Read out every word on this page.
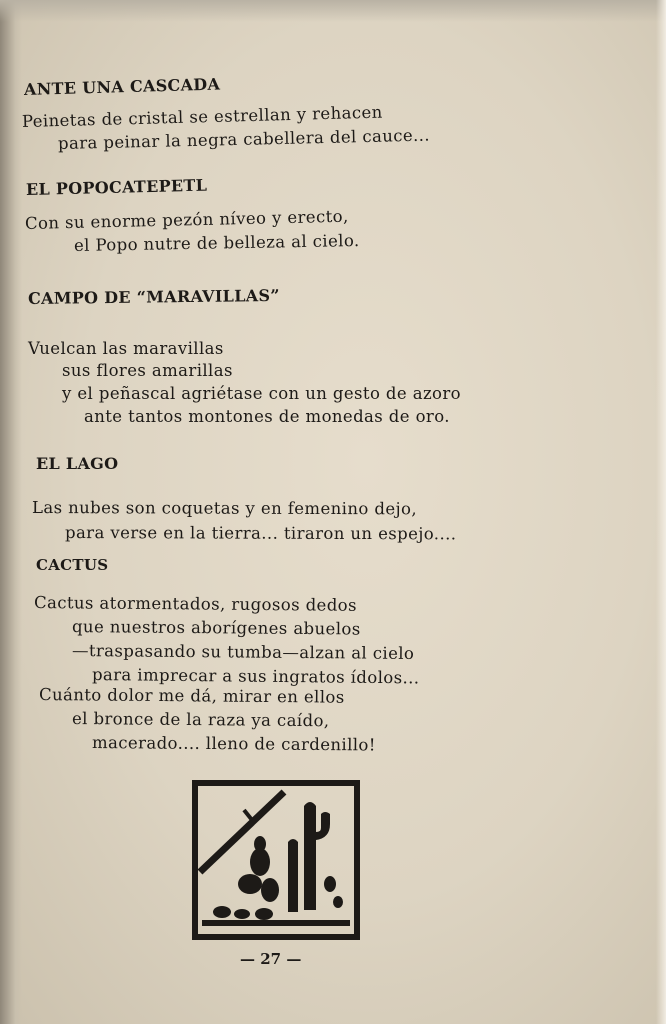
ANTE UNA CASCADA
Peinetas de cristal se estrellan y rehacen
para peinar la negra cabellera del cauce...
EL POPOCATEPETL
Con su enorme pezón níveo y erecto,
el Popo nutre de belleza al cielo.
CAMPO DE “MARAVILLAS”
Vuelcan las maravillas
sus flores amarillas
y el peñascal agriétase con un gesto de azoro
ante tantos montones de monedas de oro.
EL LAGO
Las nubes son coquetas y en femenino dejo,
para verse en la tierra... tiraron un espejo....
CACTUS
Cactus atormentados, rugosos dedos
que nuestros aborígenes abuelos
—traspasando su tumba—alzan al cielo
para imprecar a sus ingratos ídolos...
Cuánto dolor me dá, mirar en ellos
el bronce de la raza ya caído,
macerado.... lleno de cardenillo!
— 27 —
